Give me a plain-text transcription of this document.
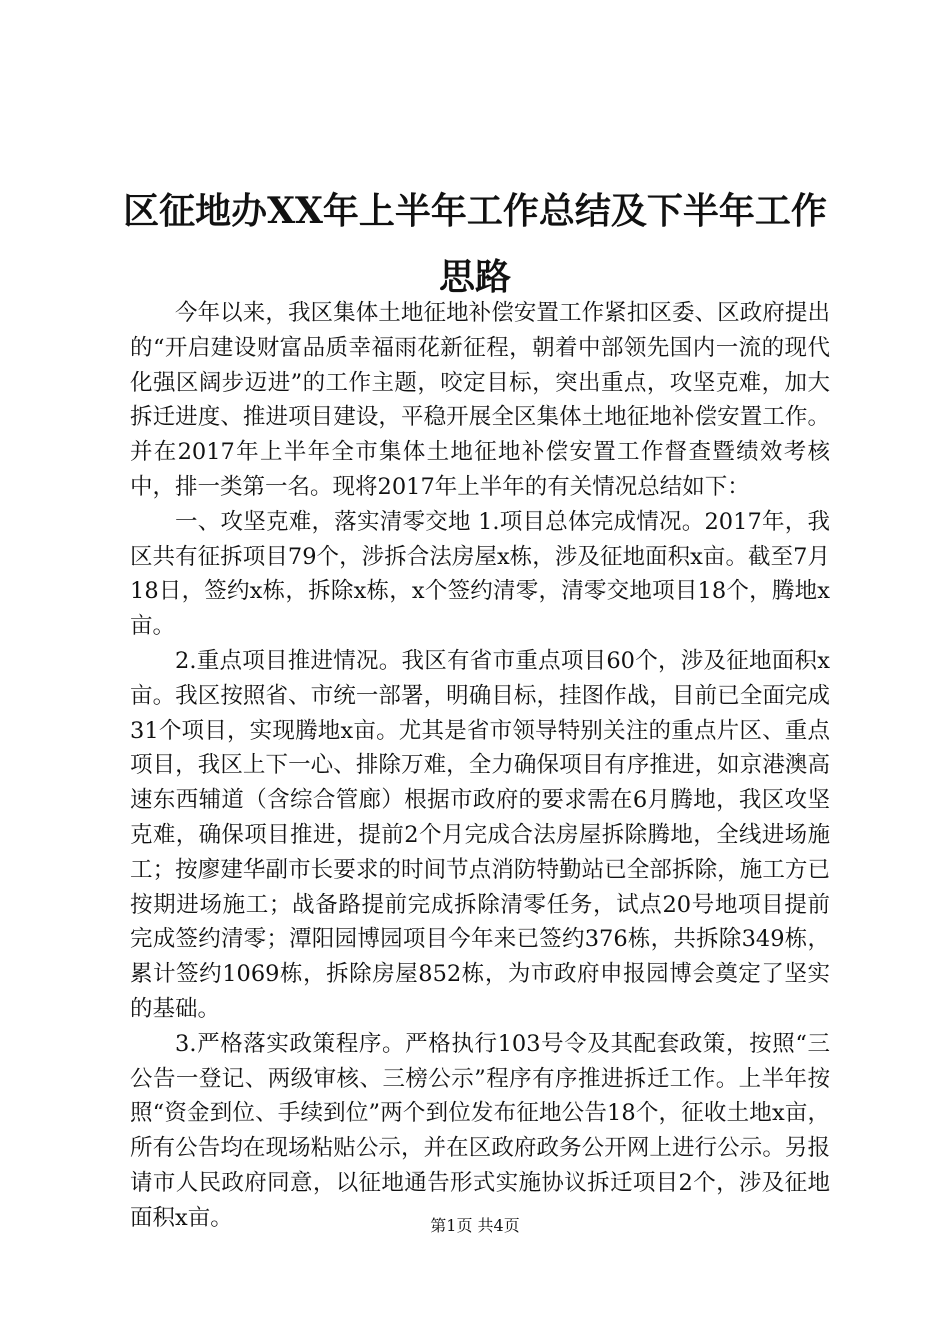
区征地办XX年上半年工作总结及下半年工作思路

今年以来，我区集体土地征地补偿安置工作紧扣区委、区政府提出的“开启建设财富品质幸福雨花新征程，朝着中部领先国内一流的现代化强区阔步迈进”的工作主题，咬定目标，突出重点，攻坚克难，加大拆迁进度、推进项目建设，平稳开展全区集体土地征地补偿安置工作。并在2017年上半年全市集体土地征地补偿安置工作督查暨绩效考核中，排一类第一名。现将2017年上半年的有关情况总结如下：

一、攻坚克难，落实清零交地 1.项目总体完成情况。2017年，我区共有征拆项目79个，涉拆合法房屋x栋，涉及征地面积x亩。截至7月18日，签约x栋，拆除x栋，x个签约清零，清零交地项目18个，腾地x亩。

2.重点项目推进情况。我区有省市重点项目60个，涉及征地面积x亩。我区按照省、市统一部署，明确目标，挂图作战，目前已全面完成31个项目，实现腾地x亩。尤其是省市领导特别关注的重点片区、重点项目，我区上下一心、排除万难，全力确保项目有序推进，如京港澳高速东西辅道（含综合管廊）根据市政府的要求需在6月腾地，我区攻坚克难，确保项目推进，提前2个月完成合法房屋拆除腾地，全线进场施工；按廖建华副市长要求的时间节点消防特勤站已全部拆除，施工方已按期进场施工；战备路提前完成拆除清零任务，试点20号地项目提前完成签约清零；潭阳园博园项目今年来已签约376栋，共拆除349栋，累计签约1069栋，拆除房屋852栋，为市政府申报园博会奠定了坚实的基础。

3.严格落实政策程序。严格执行103号令及其配套政策，按照“三公告一登记、两级审核、三榜公示”程序有序推进拆迁工作。上半年按照“资金到位、手续到位”两个到位发布征地公告18个，征收土地x亩，所有公告均在现场粘贴公示，并在区政府政务公开网上进行公示。另报请市人民政府同意，以征地通告形式实施协议拆迁项目2个，涉及征地面积x亩。	第1页 共4页
